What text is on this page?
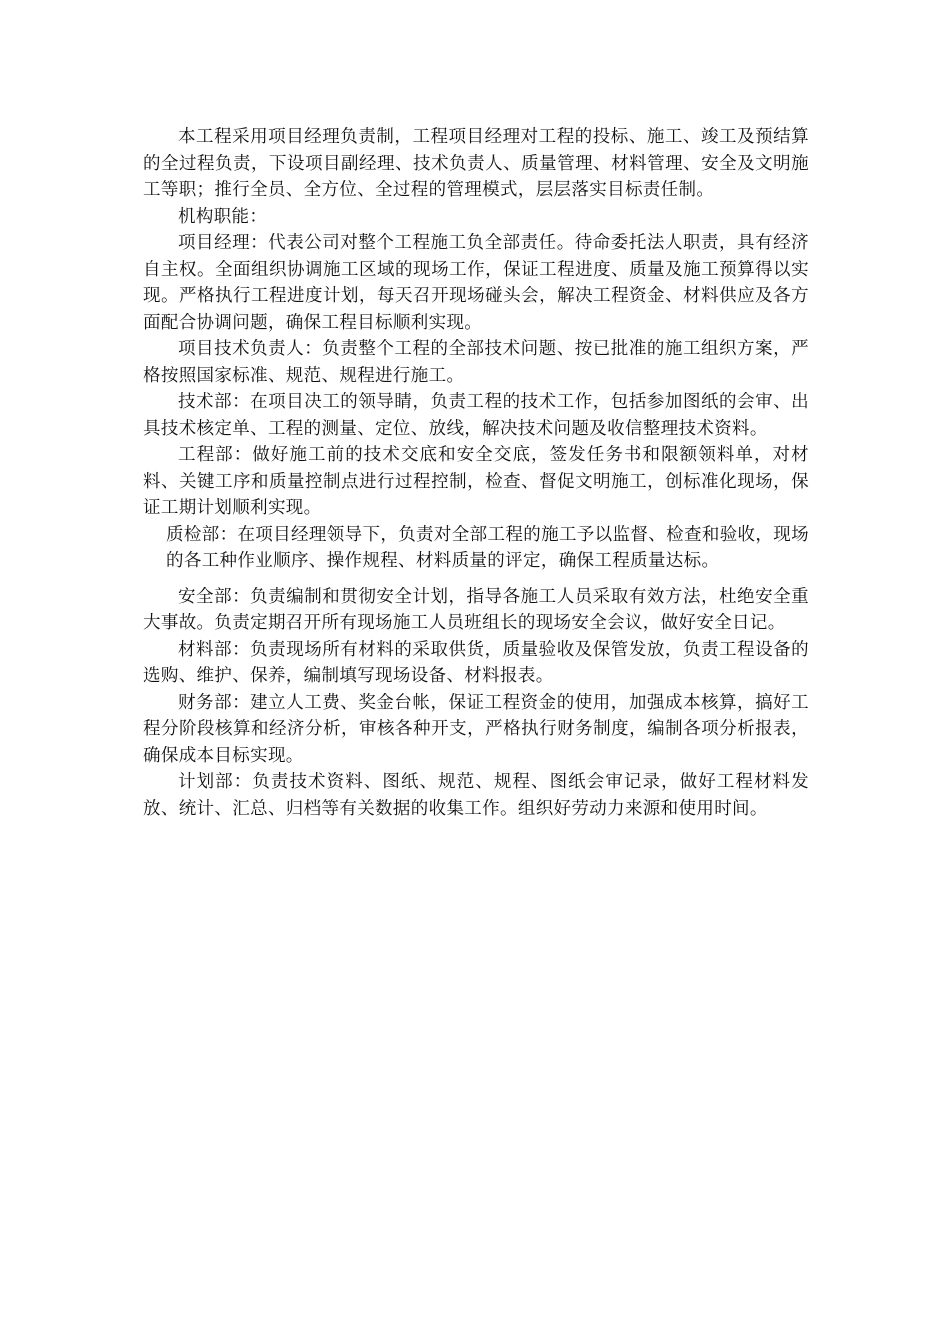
本工程采用项目经理负责制，工程项目经理对工程的投标、施工、竣工及预结算的全过程负责，下设项目副经理、技术负责人、质量管理、材料管理、安全及文明施工等职；推行全员、全方位、全过程的管理模式，层层落实目标责任制。

机构职能：

项目经理：代表公司对整个工程施工负全部责任。待命委托法人职责，具有经济自主权。全面组织协调施工区域的现场工作，保证工程进度、质量及施工预算得以实现。严格执行工程进度计划，每天召开现场碰头会，解决工程资金、材料供应及各方面配合协调问题，确保工程目标顺利实现。

项目技术负责人：负责整个工程的全部技术问题、按已批准的施工组织方案，严格按照国家标准、规范、规程进行施工。

技术部：在项目决工的领导睛，负责工程的技术工作，包括参加图纸的会审、出具技术核定单、工程的测量、定位、放线，解决技术问题及收信整理技术资料。

工程部：做好施工前的技术交底和安全交底，签发任务书和限额领料单，对材料、关键工序和质量控制点进行过程控制，检查、督促文明施工，创标准化现场，保证工期计划顺利实现。

质检部：在项目经理领导下，负责对全部工程的施工予以监督、检查和验收，现场的各工种作业顺序、操作规程、材料质量的评定，确保工程质量达标。

安全部：负责编制和贯彻安全计划，指导各施工人员采取有效方法，杜绝安全重大事故。负责定期召开所有现场施工人员班组长的现场安全会议，做好安全日记。

材料部：负责现场所有材料的采取供货，质量验收及保管发放，负责工程设备的选购、维护、保养，编制填写现场设备、材料报表。

财务部：建立人工费、奖金台帐，保证工程资金的使用，加强成本核算，搞好工程分阶段核算和经济分析，审核各种开支，严格执行财务制度，编制各项分析报表，确保成本目标实现。

计划部：负责技术资料、图纸、规范、规程、图纸会审记录，做好工程材料发放、统计、汇总、归档等有关数据的收集工作。组织好劳动力来源和使用时间。
